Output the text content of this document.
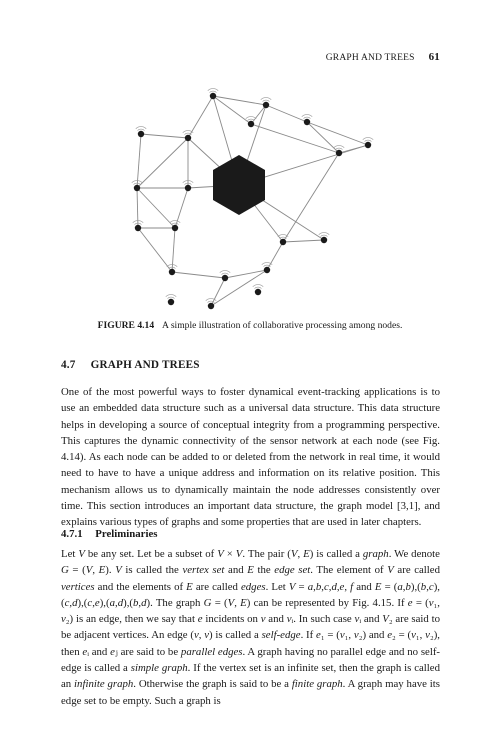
GRAPH AND TREES 61
FIGURE 4.14 A simple illustration of collaborative processing among nodes.
4.7 GRAPH AND TREES

One of the most powerful ways to foster dynamical event-tracking applications is to use an embedded data structure such as a universal data structure. This data structure helps in developing a source of conceptual integrity from a programming perspective. This captures the dynamic connectivity of the sensor network at each node (see Fig. 4.14). As each node can be added to or deleted from the network in real time, it would need to have to have a unique address and information on its relative position. This mechanism allows us to dynamically maintain the node addresses consistently over time. This section introduces an important data structure, the graph model [3,1], and explains various types of graphs and some properties that are used in later chapters.

4.7.1 Preliminaries

Let V be any set. Let be a subset of V × V. The pair (V, E) is called a graph. We denote G = (V, E). V is called the vertex set and E the edge set. The element of V are called vertices and the elements of E are called edges. Let V = a,b,c,d,e, f and E = (a,b),(b,c),(c,d),(c,e),(a,d),(b,d). The graph G = (V, E) can be represented by Fig. 4.15. If e = (v₁, v₂) is an edge, then we say that e incidents on v and vᵢ. In such case vᵢ and V₂ are said to be adjacent vertices. An edge (v, v) is called a self-edge. If e₁ = (v₁, v₂) and e₂ = (v₁, v₂), then eᵢ and eⱼ are said to be parallel edges. A graph having no parallel edge and no self-edge is called a simple graph. If the vertex set is an infinite set, then the graph is called an infinite graph. Otherwise the graph is said to be a finite graph. A graph may have its edge set to be empty. Such a graph is
